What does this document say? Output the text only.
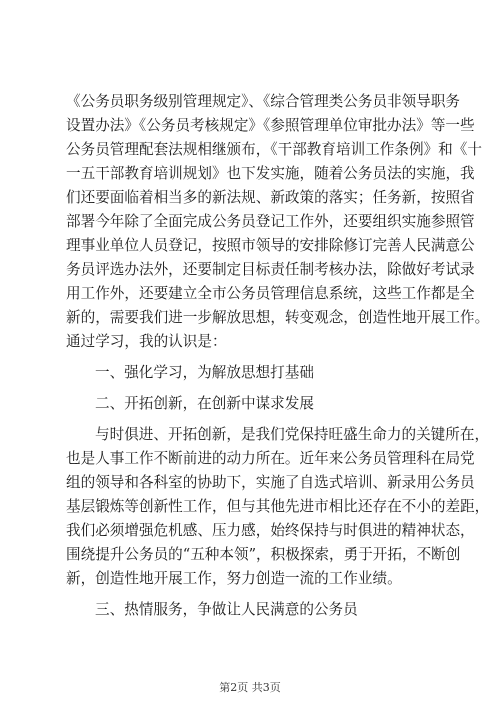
《公务员职务级别管理规定》、《综合管理类公务员非领导职务
设置办法》《公务员考核规定》《参照管理单位审批办法》等一些
公务员管理配套法规相继颁布，《干部教育培训工作条例》和《十
一五干部教育培训规划》也下发实施，随着公务员法的实施，我
们还要面临着相当多的新法规、新政策的落实；任务新，按照省
部署今年除了全面完成公务员登记工作外，还要组织实施参照管
理事业单位人员登记，按照市领导的安排除修订完善人民满意公
务员评选办法外，还要制定目标责任制考核办法，除做好考试录
用工作外，还要建立全市公务员管理信息系统，这些工作都是全
新的，需要我们进一步解放思想，转变观念，创造性地开展工作。
通过学习，我的认识是：
一、强化学习，为解放思想打基础
二、开拓创新，在创新中谋求发展
与时俱进、开拓创新，是我们党保持旺盛生命力的关键所在，
也是人事工作不断前进的动力所在。近年来公务员管理科在局党
组的领导和各科室的协助下，实施了自选式培训、新录用公务员
基层锻炼等创新性工作，但与其他先进市相比还存在不小的差距，
我们必须增强危机感、压力感，始终保持与时俱进的精神状态，
围绕提升公务员的“五种本领”，积极探索，勇于开拓，不断创
新，创造性地开展工作，努力创造一流的工作业绩。
三、热情服务，争做让人民满意的公务员
第2页 共3页
